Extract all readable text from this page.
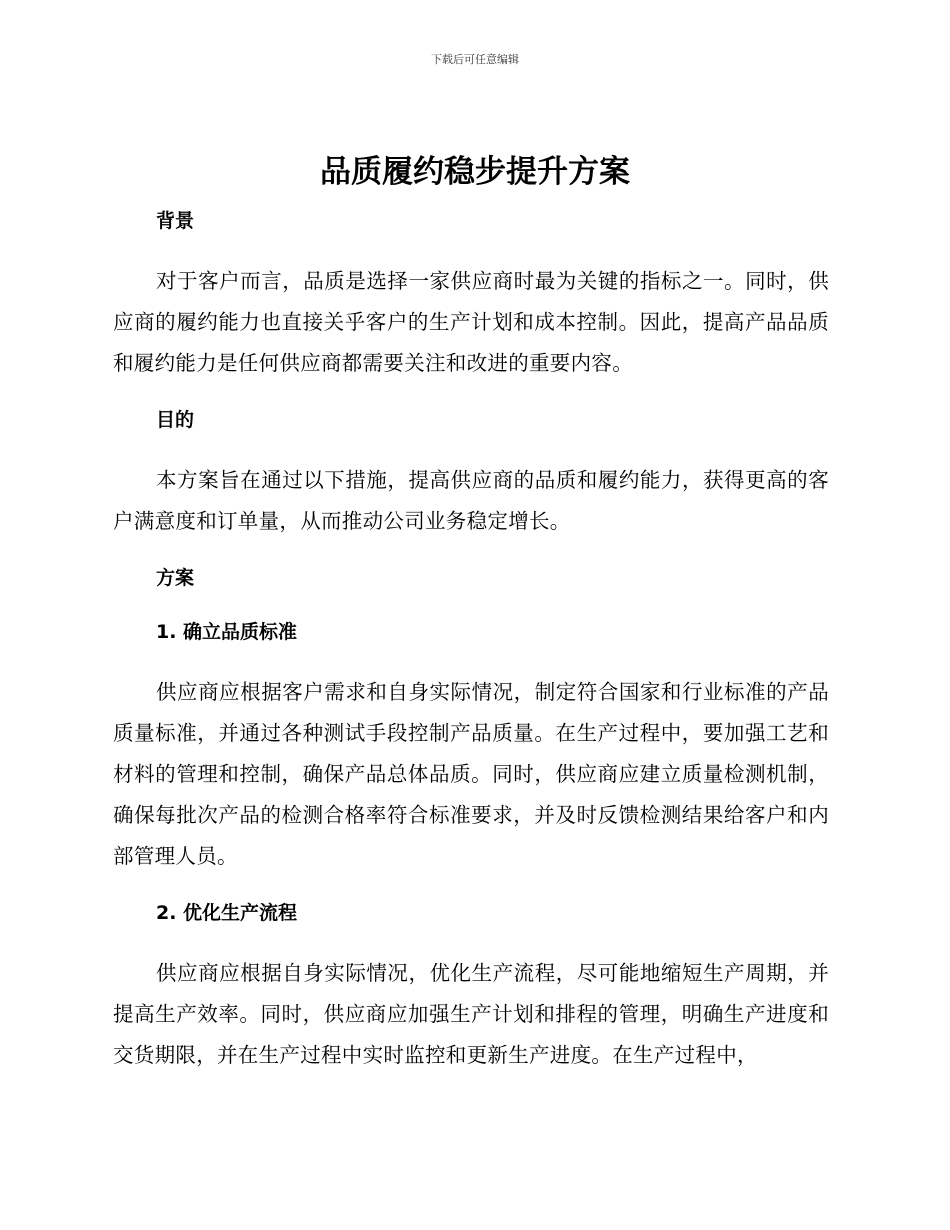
下载后可任意编辑
品质履约稳步提升方案
背景

对于客户而言，品质是选择一家供应商时最为关键的指标之一。同时，供应商的履约能力也直接关乎客户的生产计划和成本控制。因此，提高产品品质和履约能力是任何供应商都需要关注和改进的重要内容。

目的

本方案旨在通过以下措施，提高供应商的品质和履约能力，获得更高的客户满意度和订单量，从而推动公司业务稳定增长。

方案
1. 确立品质标准

供应商应根据客户需求和自身实际情况，制定符合国家和行业标准的产品质量标准，并通过各种测试手段控制产品质量。在生产过程中，要加强工艺和材料的管理和控制，确保产品总体品质。同时，供应商应建立质量检测机制，确保每批次产品的检测合格率符合标准要求，并及时反馈检测结果给客户和内部管理人员。

2. 优化生产流程

供应商应根据自身实际情况，优化生产流程，尽可能地缩短生产周期，并提高生产效率。同时，供应商应加强生产计划和排程的管理，明确生产进度和交货期限，并在生产过程中实时监控和更新生产进度。在生产过程中，
